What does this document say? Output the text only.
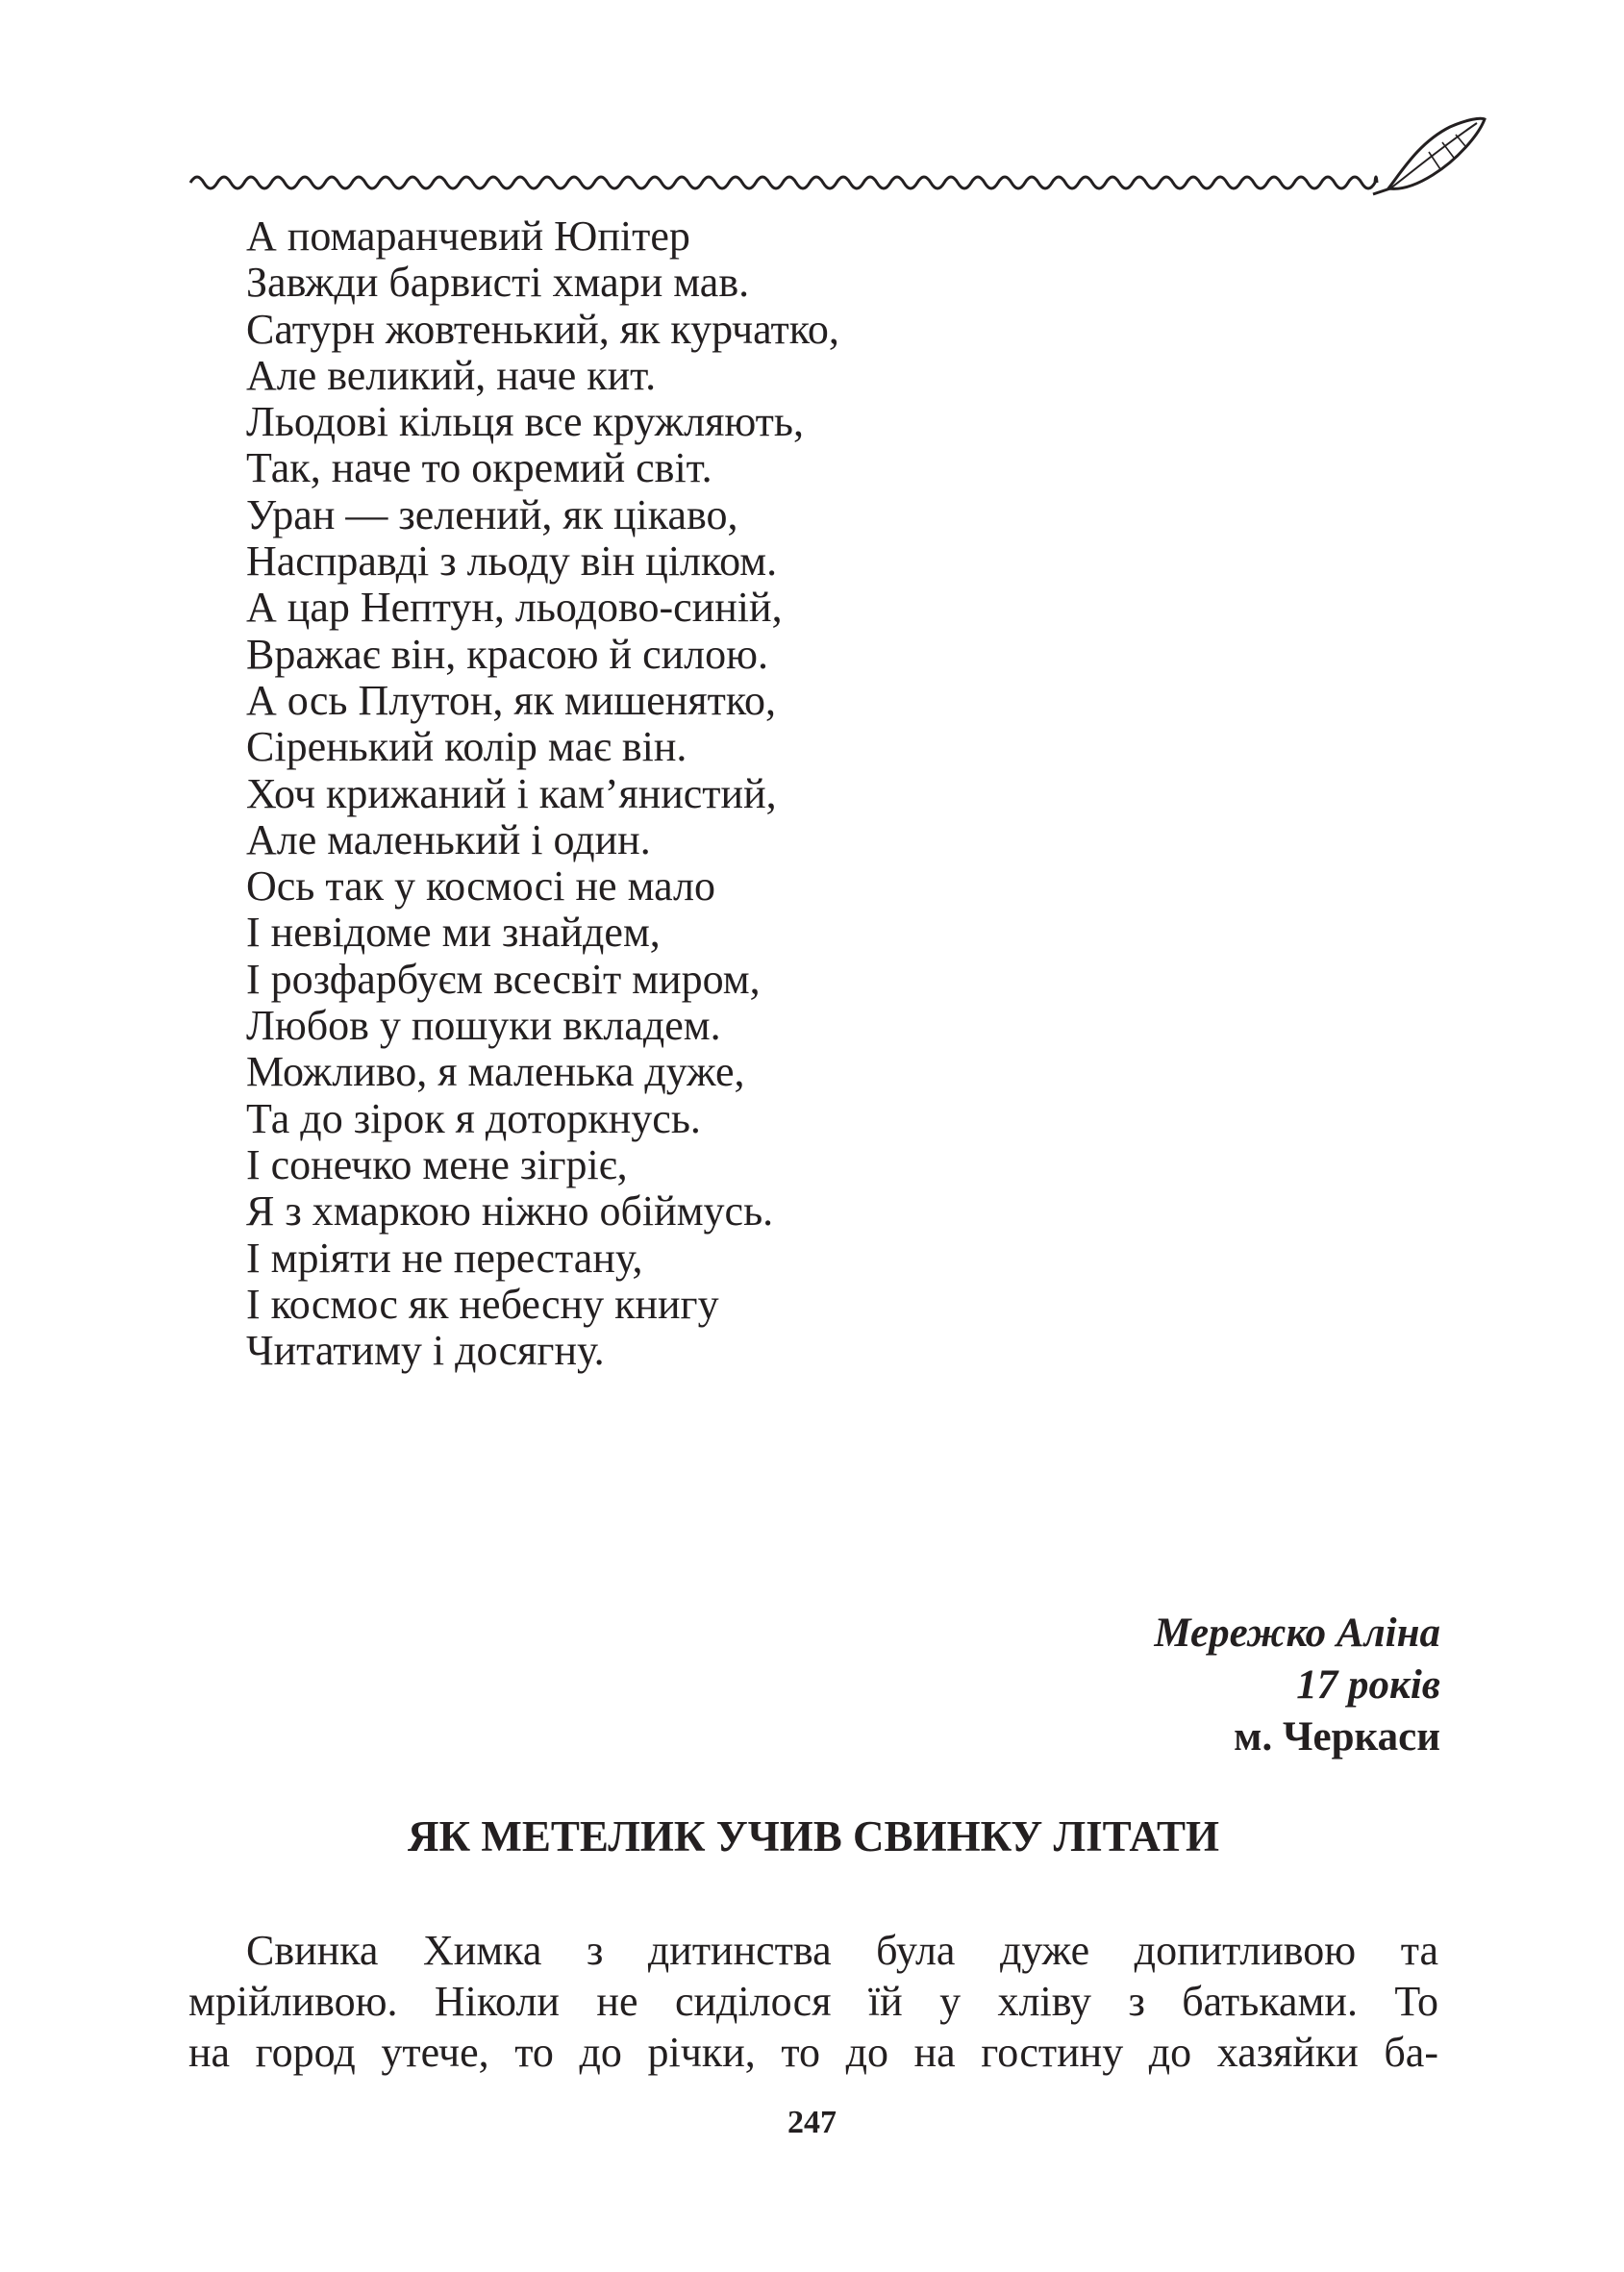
А помаранчевий Юпітер
Завжди барвисті хмари мав.
Сатурн жовтенький, як курчатко,
Але великий, наче кит.
Льодові кільця все кружляють,
Так, наче то окремий світ.
Уран — зелений, як цікаво,
Насправді з льоду він цілком.
А цар Нептун, льодово-синій,
Вражає він, красою й силою.
А ось Плутон, як мишенятко,
Сіренький колір має він.
Хоч крижаний і кам’янистий,
Але маленький і один.
Ось так у космосі не мало
І невідоме ми знайдем,
І розфарбуєм всесвіт миром,
Любов у пошуки вкладем.
Можливо, я маленька дуже,
Та до зірок я доторкнусь.
І сонечко мене зігріє,
Я з хмаркою ніжно обіймусь.
І мріяти не перестану,
І космос як небесну книгу
Читатиму і досягну.
Мережко Аліна
17 років
м. Черкаси
ЯК МЕТЕЛИК УЧИВ СВИНКУ ЛІТАТИ
Свинка Химка з дитинства була дуже допитливою та
мрійливою. Ніколи не сиділося їй у хліву з батьками. То
на город утече, то до річки, то до на гостину до хазяйки ба-
247
